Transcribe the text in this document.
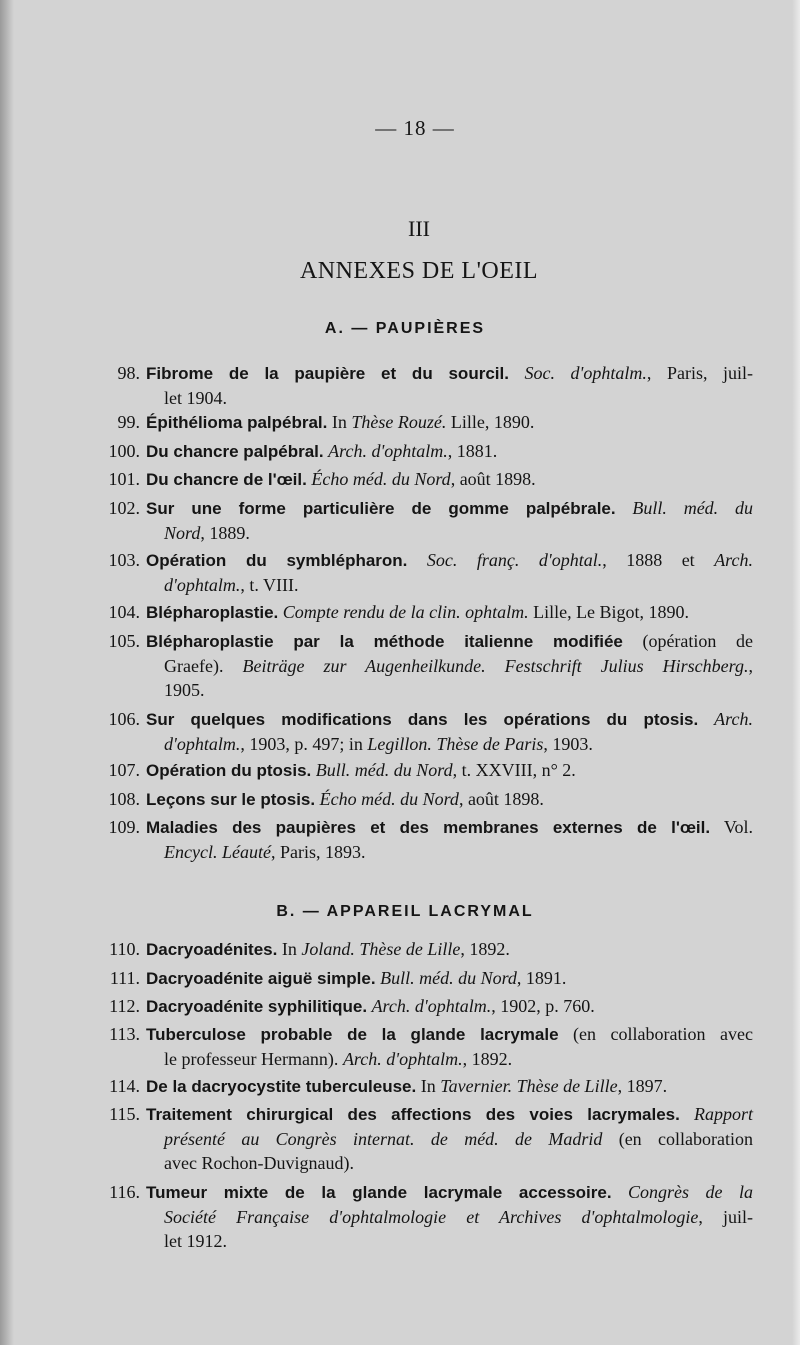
— 18 —
III
ANNEXES DE L'OEIL
A. — PAUPIÈRES
B. — APPAREIL LACRYMAL
98. Fibrome de la paupière et du sourcil. Soc. d'ophtalm., Paris, juil-
let 1904.
99. Épithélioma palpébral. In Thèse Rouzé. Lille, 1890.
100. Du chancre palpébral. Arch. d'ophtalm., 1881.
101. Du chancre de l'œil. Écho méd. du Nord, août 1898.
102. Sur une forme particulière de gomme palpébrale. Bull. méd. du
Nord, 1889.
103. Opération du symblépharon. Soc. franç. d'ophtal., 1888 et Arch.
d'ophtalm., t. VIII.
104. Blépharoplastie. Compte rendu de la clin. ophtalm. Lille, Le Bigot, 1890.
105. Blépharoplastie par la méthode italienne modifiée (opération de
Graefe). Beiträge zur Augenheilkunde. Festschrift Julius Hirschberg.,
1905.
106. Sur quelques modifications dans les opérations du ptosis. Arch.
d'ophtalm., 1903, p. 497; in Legillon. Thèse de Paris, 1903.
107. Opération du ptosis. Bull. méd. du Nord, t. XXVIII, n° 2.
108. Leçons sur le ptosis. Écho méd. du Nord, août 1898.
109. Maladies des paupières et des membranes externes de l'œil. Vol.
Encycl. Léauté, Paris, 1893.
110. Dacryoadénites. In Joland. Thèse de Lille, 1892.
111. Dacryoadénite aiguë simple. Bull. méd. du Nord, 1891.
112. Dacryoadénite syphilitique. Arch. d'ophtalm., 1902, p. 760.
113. Tuberculose probable de la glande lacrymale (en collaboration avec
le professeur Hermann). Arch. d'ophtalm., 1892.
114. De la dacryocystite tuberculeuse. In Tavernier. Thèse de Lille, 1897.
115. Traitement chirurgical des affections des voies lacrymales. Rapport
présenté au Congrès internat. de méd. de Madrid (en collaboration
avec Rochon-Duvignaud).
116. Tumeur mixte de la glande lacrymale accessoire. Congrès de la
Société Française d'ophtalmologie et Archives d'ophtalmologie, juil-
let 1912.
